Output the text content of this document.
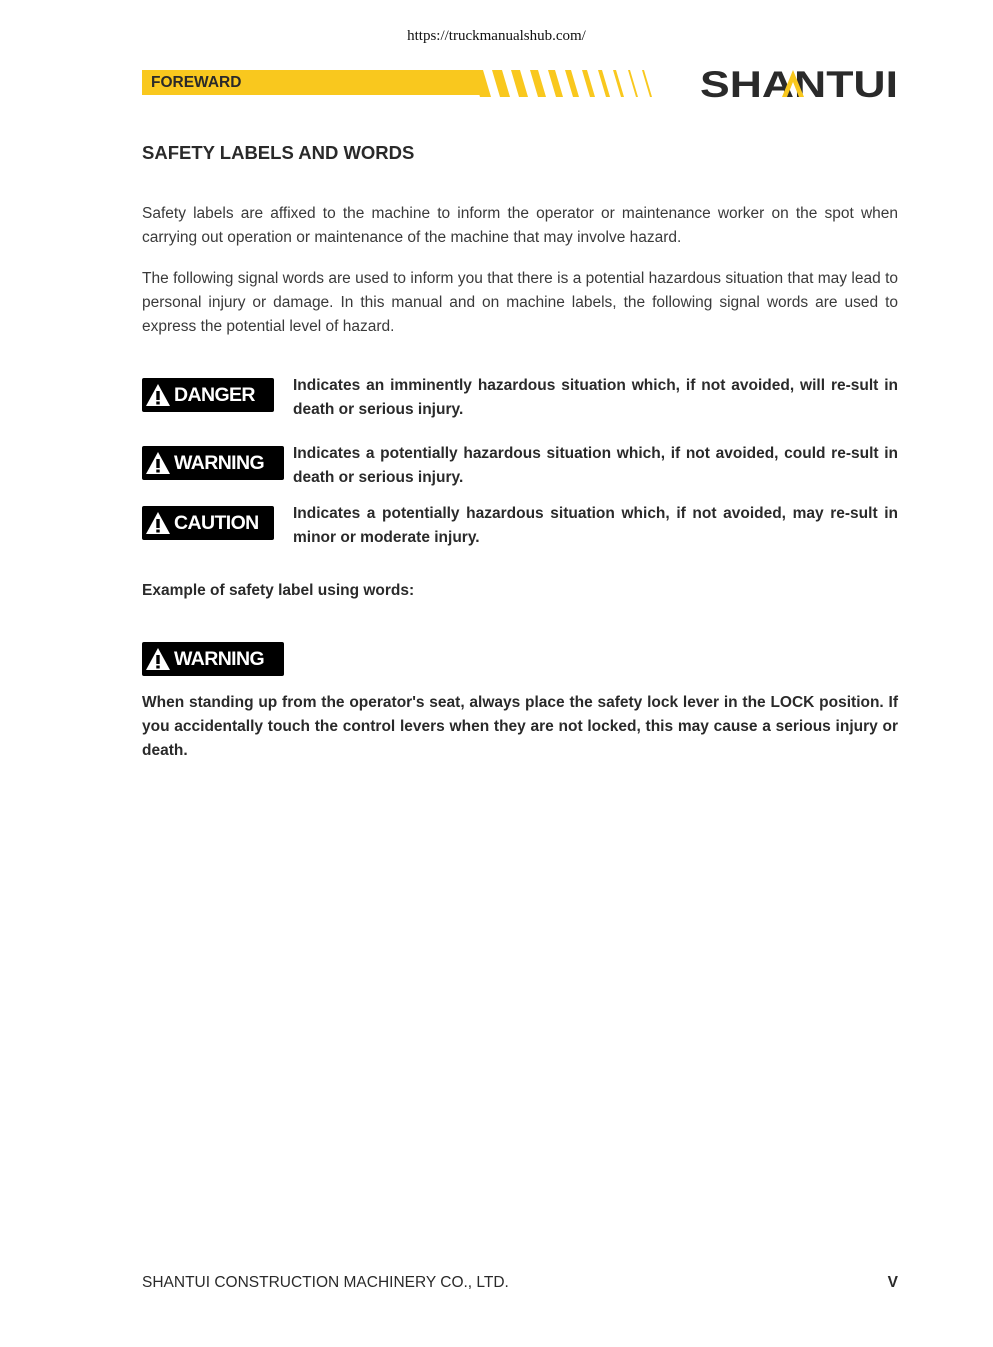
https://truckmanualshub.com/
FOREWARD	SHANTUI
SAFETY LABELS AND WORDS
Safety labels are affixed to the machine to inform the operator or maintenance worker on the spot when carrying out operation or maintenance of the machine that may involve hazard.
The following signal words are used to inform you that there is a potential hazardous situation that may lead to personal injury or damage. In this manual and on machine labels, the following signal words are used to express the potential level of hazard.
DANGER Indicates an imminently hazardous situation which, if not avoided, will re-sult in death or serious injury.
WARNING Indicates a potentially hazardous situation which, if not avoided, could re-sult in death or serious injury.
CAUTION Indicates a potentially hazardous situation which, if not avoided, may re-sult in minor or moderate injury.
Example of safety label using words:
WARNING
When standing up from the operator's seat, always place the safety lock lever in the LOCK position. If you accidentally touch the control levers when they are not locked, this may cause a serious injury or death.
SHANTUI CONSTRUCTION MACHINERY CO., LTD.	V
